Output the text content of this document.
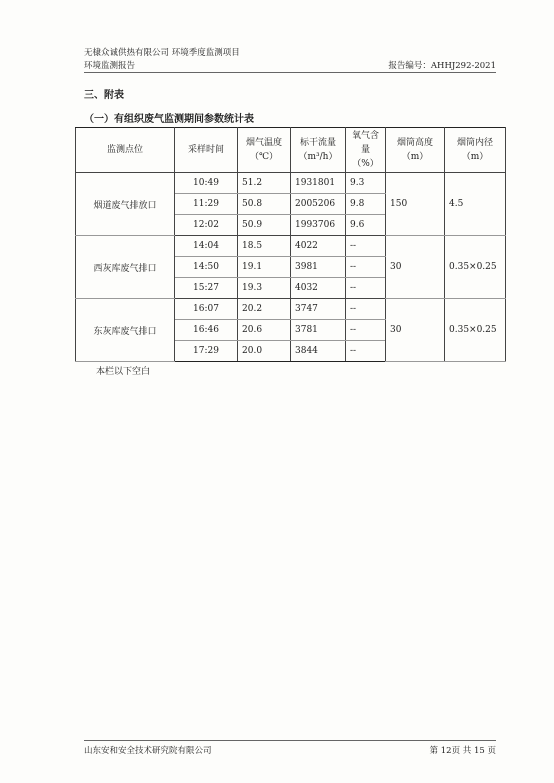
无棣众诚供热有限公司 环境季度监测项目
环境监测报告	报告编号：AHHJ292-2021
三、附表
（一）有组织废气监测期间参数统计表
监测点位	采样时间	烟气温度（℃）	标干流量（m³/h）	氧气含量（%）	烟筒高度（m）	烟筒内径（m）
烟道废气排放口	10:49	51.2	1931801	9.3	150	4.5
	11:29	50.8	2005206	9.8		
	12:02	50.9	1993706	9.6		
西灰库废气排口	14:04	18.5	4022	--	30	0.35×0.25
	14:50	19.1	3981	--		
	15:27	19.3	4032	--		
东灰库废气排口	16:07	20.2	3747	--	30	0.35×0.25
	16:46	20.6	3781	--		
	17:29	20.0	3844	--		
本栏以下空白
山东安和安全技术研究院有限公司	第 12页 共 15 页
